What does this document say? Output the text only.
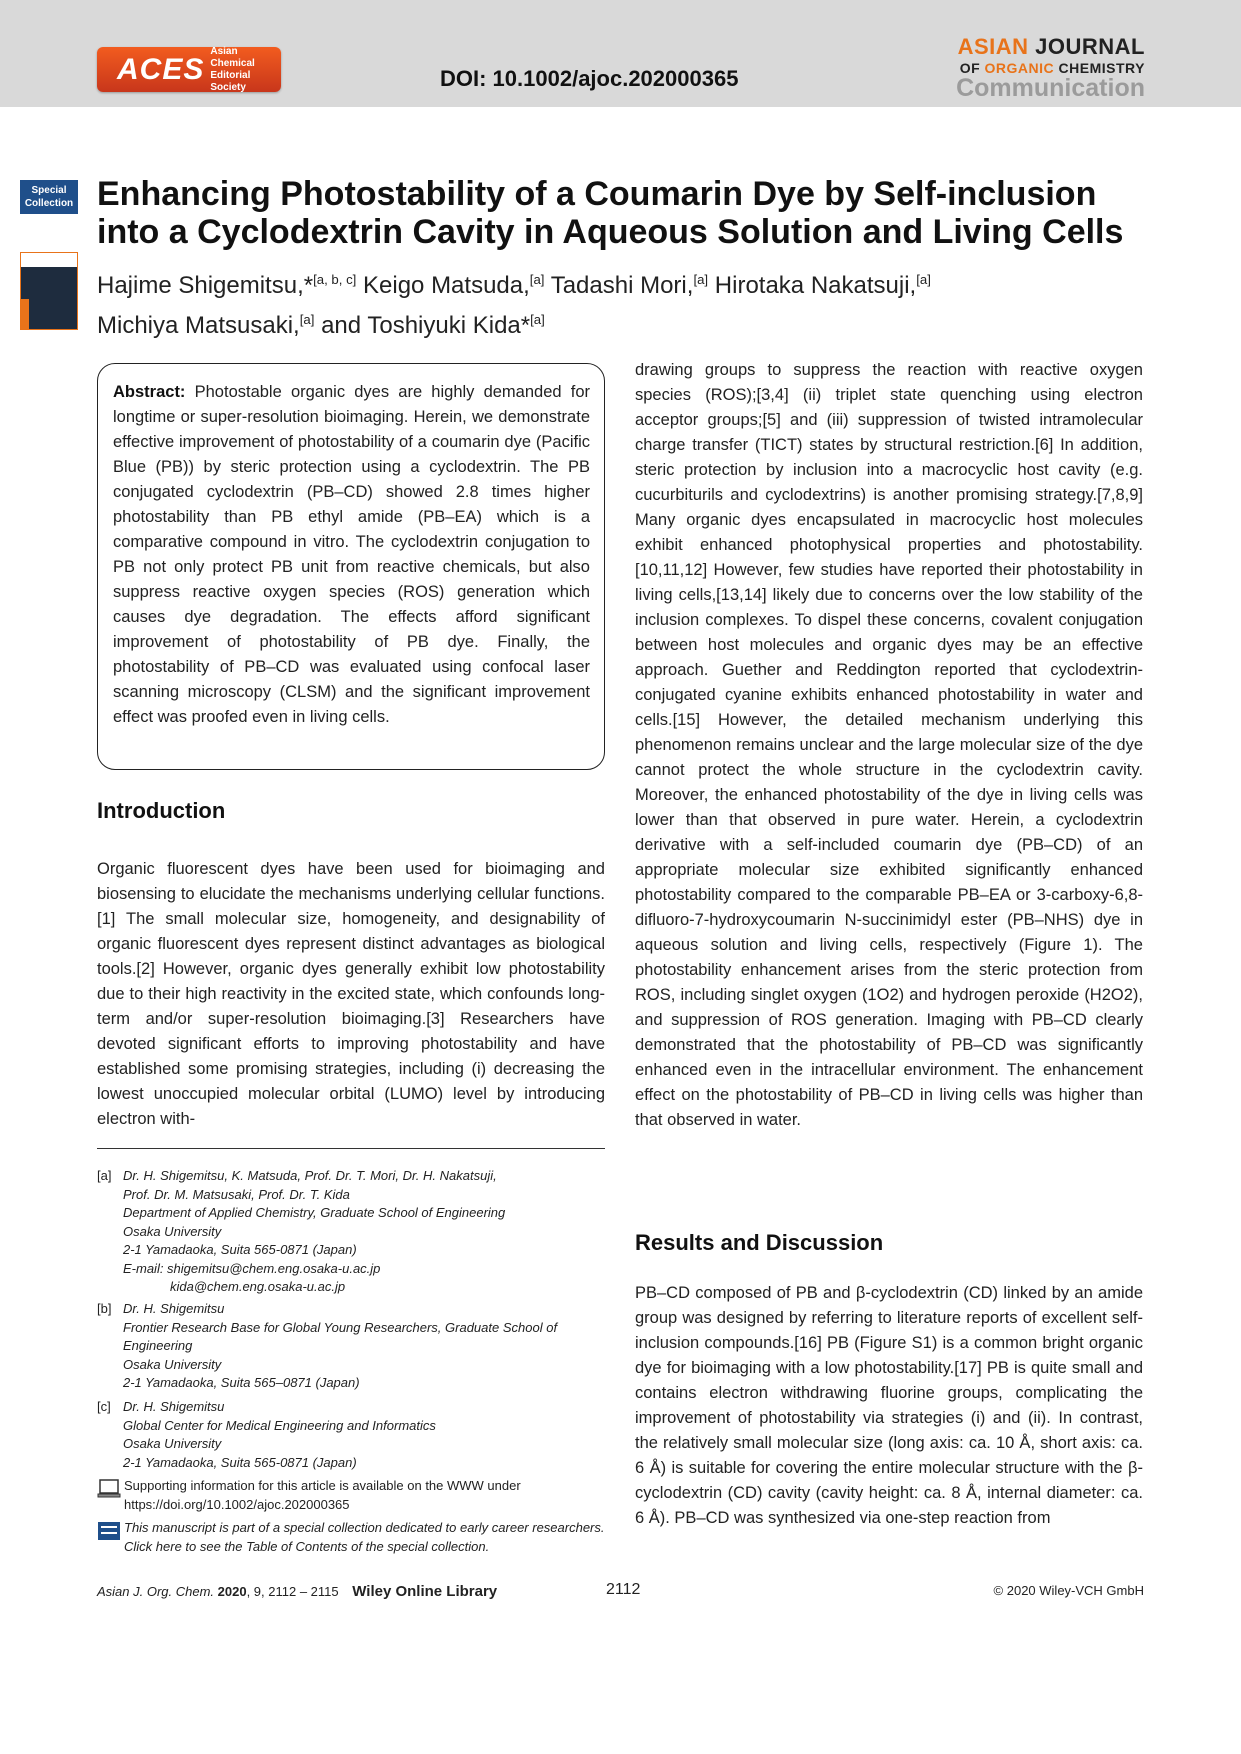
ACES
Asian Chemical
Editorial Society	DOI: 10.1002/ajoc.202000365
ASIAN JOURNAL
OF ORGANIC CHEMISTRY
Communication
Special
Collection Enhancing Photostability of a Coumarin Dye by Self-inclusion into a Cyclodextrin Cavity in Aqueous Solution and Living Cells
Hajime Shigemitsu,*[a, b, c] Keigo Matsuda,[a] Tadashi Mori,[a] Hirotaka Nakatsuji,[a]
Michiya Matsusaki,[a] and Toshiyuki Kida*[a]
Abstract: Photostable organic dyes are highly demanded for longtime or super-resolution bioimaging. Herein, we demonstrate effective improvement of photostability of a coumarin dye (Pacific Blue (PB)) by steric protection using a cyclodextrin. The PB conjugated cyclodextrin (PB–CD) showed 2.8 times higher photostability than PB ethyl amide (PB–EA) which is a comparative compound in vitro. The cyclodextrin conjugation to PB not only protect PB unit from reactive chemicals, but also suppress reactive oxygen species (ROS) generation which causes dye degradation. The effects afford significant improvement of photostability of PB dye. Finally, the photostability of PB–CD was evaluated using confocal laser scanning microscopy (CLSM) and the significant improvement effect was proofed even in living cells.
Introduction
Organic fluorescent dyes have been used for bioimaging and biosensing to elucidate the mechanisms underlying cellular functions.[1] The small molecular size, homogeneity, and designability of organic fluorescent dyes represent distinct advantages as biological tools.[2] However, organic dyes generally exhibit low photostability due to their high reactivity in the excited state, which confounds long-term and/or super-resolution bioimaging.[3] Researchers have devoted significant efforts to improving photostability and have established some promising strategies, including (i) decreasing the lowest unoccupied molecular orbital (LUMO) level by introducing electron with-
[a] Dr. H. Shigemitsu, K. Matsuda, Prof. Dr. T. Mori, Dr. H. Nakatsuji,
Prof. Dr. M. Matsusaki, Prof. Dr. T. Kida
Department of Applied Chemistry, Graduate School of Engineering
Osaka University
2-1 Yamadaoka, Suita 565-0871 (Japan)
E-mail: shigemitsu@chem.eng.osaka-u.ac.jp
kida@chem.eng.osaka-u.ac.jp
[b] Dr. H. Shigemitsu
Frontier Research Base for Global Young Researchers, Graduate School of Engineering
Osaka University
2-1 Yamadaoka, Suita 565–0871 (Japan)
[c] Dr. H. Shigemitsu
Global Center for Medical Engineering and Informatics
Osaka University
2-1 Yamadaoka, Suita 565-0871 (Japan)
Supporting information for this article is available on the WWW under https://doi.org/10.1002/ajoc.202000365
This manuscript is part of a special collection dedicated to early career researchers. Click here to see the Table of Contents of the special collection.
drawing groups to suppress the reaction with reactive oxygen species (ROS);[3,4] (ii) triplet state quenching using electron acceptor groups;[5] and (iii) suppression of twisted intramolecular charge transfer (TICT) states by structural restriction.[6] In addition, steric protection by inclusion into a macrocyclic host cavity (e.g. cucurbiturils and cyclodextrins) is another promising strategy.[7,8,9] Many organic dyes encapsulated in macrocyclic host molecules exhibit enhanced photophysical properties and photostability.[10,11,12] However, few studies have reported their photostability in living cells,[13,14] likely due to concerns over the low stability of the inclusion complexes. To dispel these concerns, covalent conjugation between host molecules and organic dyes may be an effective approach. Guether and Reddington reported that cyclodextrin-conjugated cyanine exhibits enhanced photostability in water and cells.[15] However, the detailed mechanism underlying this phenomenon remains unclear and the large molecular size of the dye cannot protect the whole structure in the cyclodextrin cavity. Moreover, the enhanced photostability of the dye in living cells was lower than that observed in pure water. Herein, a cyclodextrin derivative with a self-included coumarin dye (PB–CD) of an appropriate molecular size exhibited significantly enhanced photostability compared to the comparable PB–EA or 3-carboxy-6,8-difluoro-7-hydroxycoumarin N-succinimidyl ester (PB–NHS) dye in aqueous solution and living cells, respectively (Figure 1). The photostability enhancement arises from the steric protection from ROS, including singlet oxygen (1O2) and hydrogen peroxide (H2O2), and suppression of ROS generation. Imaging with PB–CD clearly demonstrated that the photostability of PB–CD was significantly enhanced even in the intracellular environment. The enhancement effect on the photostability of PB–CD in living cells was higher than that observed in water.
Results and Discussion
PB–CD composed of PB and β-cyclodextrin (CD) linked by an amide group was designed by referring to literature reports of excellent self-inclusion compounds.[16] PB (Figure S1) is a common bright organic dye for bioimaging with a low photostability.[17] PB is quite small and contains electron withdrawing fluorine groups, complicating the improvement of photostability via strategies (i) and (ii). In contrast, the relatively small molecular size (long axis: ca. 10 Å, short axis: ca. 6 Å) is suitable for covering the entire molecular structure with the β-cyclodextrin (CD) cavity (cavity height: ca. 8 Å, internal diameter: ca. 6 Å). PB–CD was synthesized via one-step reaction from
Asian J. Org. Chem. 2020, 9, 2112 – 2115 Wiley Online Library	2112	© 2020 Wiley-VCH GmbH
